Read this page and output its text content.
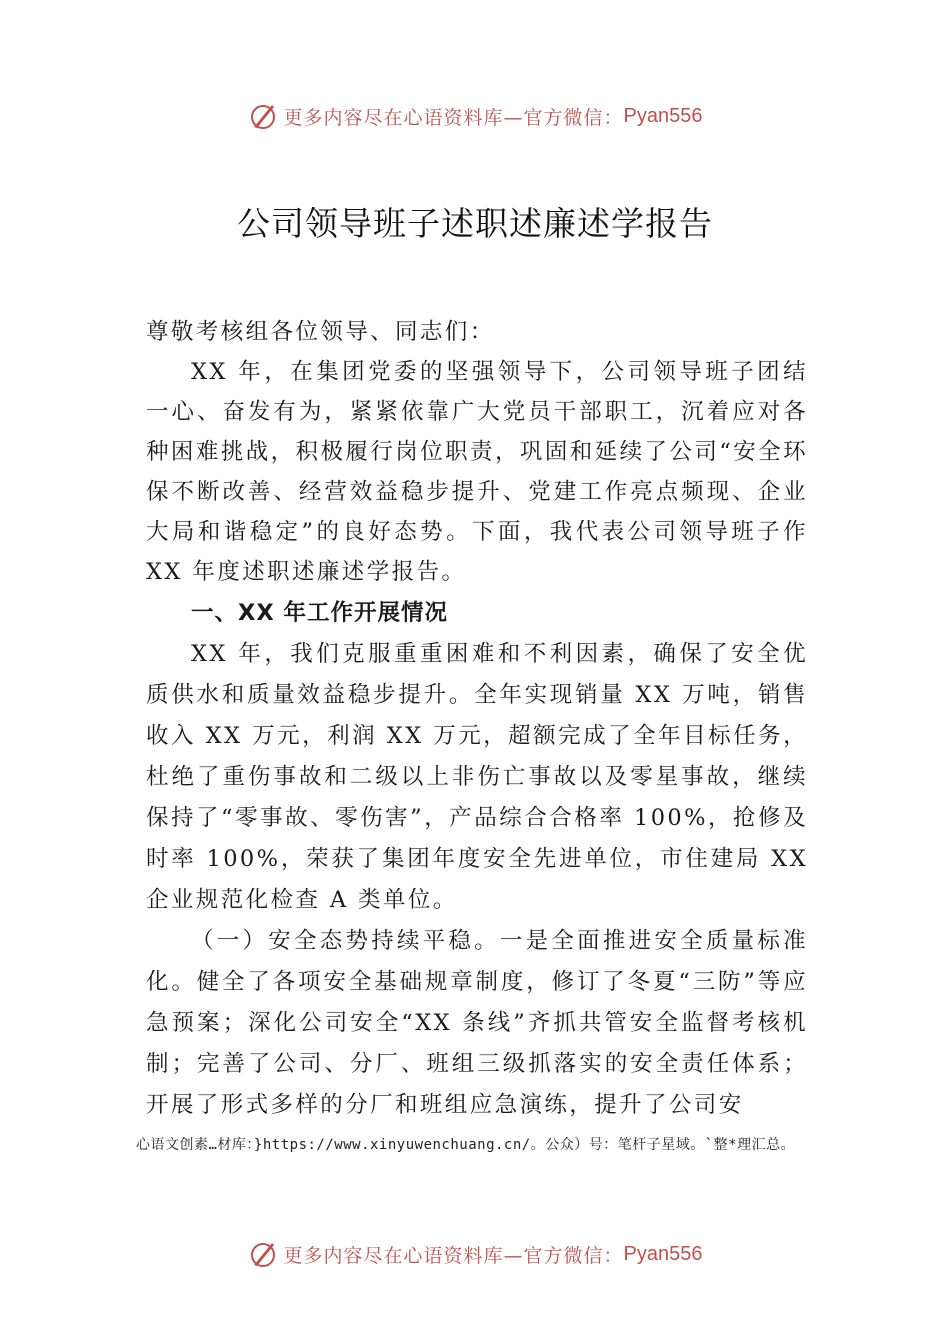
更多内容尽在心语资料库—官方微信： Pyan556
公司领导班子述职述廉述学报告

尊敬考核组各位领导、同志们：

XX 年，在集团党委的坚强领导下，公司领导班子团结一心、奋发有为，紧紧依靠广大党员干部职工，沉着应对各种困难挑战，积极履行岗位职责，巩固和延续了公司“安全环保不断改善、经营效益稳步提升、党建工作亮点频现、企业大局和谐稳定”的良好态势。下面，我代表公司领导班子作 XX 年度述职述廉述学报告。

一、XX 年工作开展情况

XX 年，我们克服重重困难和不利因素，确保了安全优质供水和质量效益稳步提升。全年实现销量 XX 万吨，销售收入 XX 万元，利润 XX 万元，超额完成了全年目标任务，杜绝了重伤事故和二级以上非伤亡事故以及零星事故，继续保持了“零事故、零伤害”，产品综合合格率 100%，抢修及时率 100%，荣获了集团年度安全先进单位，市住建局 XX 企业规范化检查 A 类单位。

（一）安全态势持续平稳。一是全面推进安全质量标准化。健全了各项安全基础规章制度，修订了冬夏“三防”等应急预案；深化公司安全“XX 条线”齐抓共管安全监督考核机制；完善了公司、分厂、班组三级抓落实的安全责任体系；开展了形式多样的分厂和班组应急演练，提升了公司安

心语文创素…材库：}https://www.xinyuwenchuang.cn/。公众）号：笔杆子星域。`整*理汇总。
更多内容尽在心语资料库—官方微信： Pyan556
